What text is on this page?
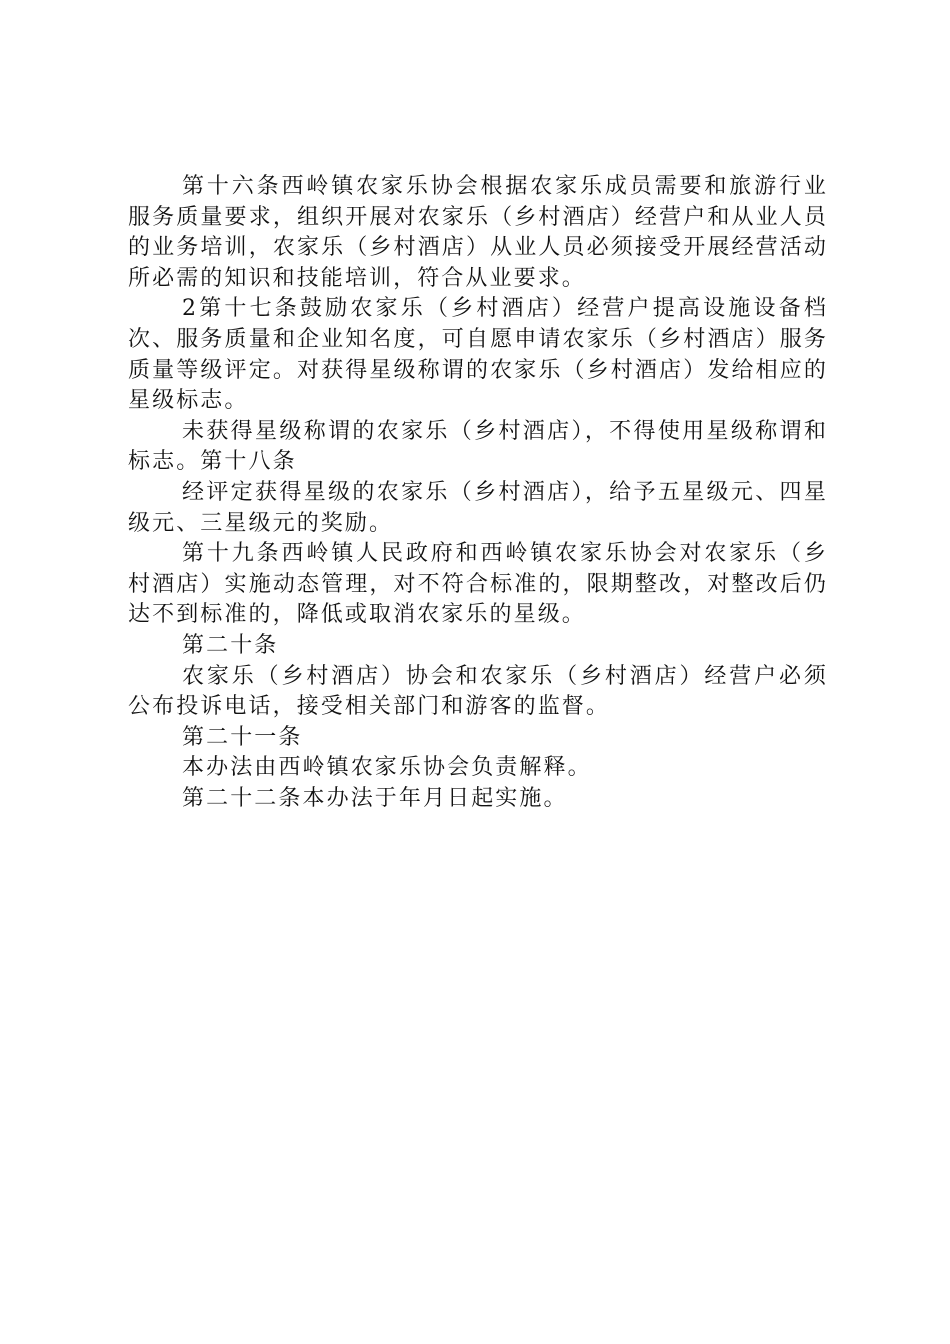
第十六条西岭镇农家乐协会根据农家乐成员需要和旅游行业服务质量要求，组织开展对农家乐（乡村酒店）经营户和从业人员的业务培训，农家乐（乡村酒店）从业人员必须接受开展经营活动所必需的知识和技能培训，符合从业要求。

2第十七条鼓励农家乐（乡村酒店）经营户提高设施设备档次、服务质量和企业知名度，可自愿申请农家乐（乡村酒店）服务质量等级评定。对获得星级称谓的农家乐（乡村酒店）发给相应的星级标志。

未获得星级称谓的农家乐（乡村酒店），不得使用星级称谓和标志。第十八条

经评定获得星级的农家乐（乡村酒店），给予五星级元、四星级元、三星级元的奖励。

第十九条西岭镇人民政府和西岭镇农家乐协会对农家乐（乡村酒店）实施动态管理，对不符合标准的，限期整改，对整改后仍达不到标准的，降低或取消农家乐的星级。

第二十条

农家乐（乡村酒店）协会和农家乐（乡村酒店）经营户必须公布投诉电话，接受相关部门和游客的监督。

第二十一条

本办法由西岭镇农家乐协会负责解释。

第二十二条本办法于年月日起实施。
